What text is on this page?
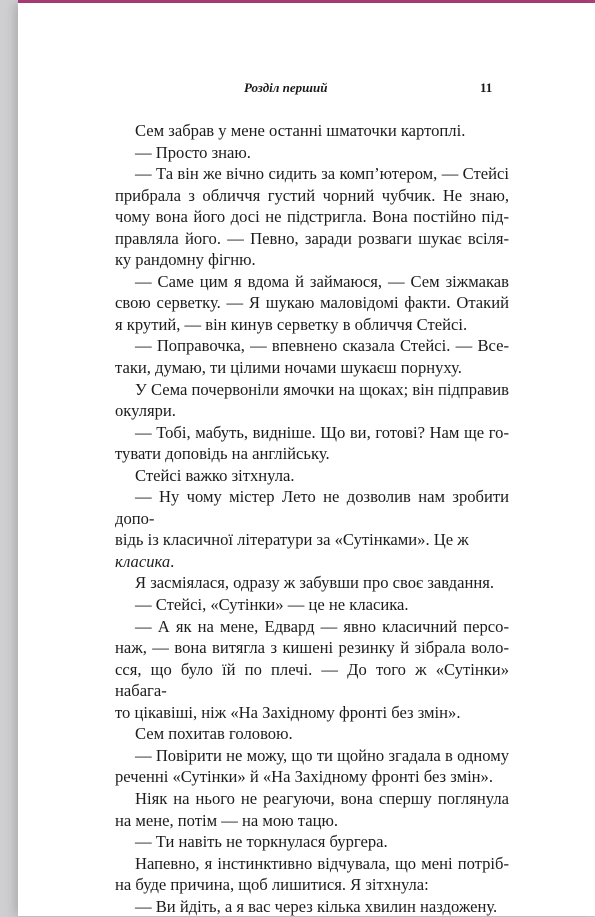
Розділ перший	11

Сем забрав у мене останні шматочки картоплі.

— Просто знаю.

— Та він же вічно сидить за комп’ютером, — Стейсі
прибрала з обличчя густий чорний чубчик. Не знаю,
чому вона його досі не підстригла. Вона постійно під-
правляла його. — Певно, заради розваги шукає всіля-
ку рандомну фігню.

— Саме цим я вдома й займаюся, — Сем зіжмакав
свою серветку. — Я шукаю маловідомі факти. Отакий
я крутий, — він кинув серветку в обличчя Стейсі.

— Поправочка, — впевнено сказала Стейсі. — Все-
таки, думаю, ти цілими ночами шукаєш порнуху.

У Сема почервоніли ямочки на щоках; він підправив
окуляри.

— Тобі, мабуть, видніше. Що ви, готові? Нам ще го-
тувати доповідь на англійську.

Стейсі важко зітхнула.

— Ну чому містер Лето не дозволив нам зробити допо-
відь із класичної літератури за «Сутінками». Це ж класика.

Я засміялася, одразу ж забувши про своє завдання.

— Стейсі, «Сутінки» — це не класика.

— А як на мене, Едвард — явно класичний персо-
наж, — вона витягла з кишені резинку й зібрала воло-
сся, що було їй по плечі. — До того ж «Сутінки» набага-
то цікавіші, ніж «На Західному фронті без змін».

Сем похитав головою.

— Повірити не можу, що ти щойно згадала в одному
реченні «Сутінки» й «На Західному фронті без змін».

Ніяк на нього не реагуючи, вона спершу поглянула
на мене, потім — на мою тацю.

— Ти навіть не торкнулася бургера.

Напевно, я інстинктивно відчувала, що мені потріб-
на буде причина, щоб лишитися. Я зітхнула:

— Ви йдіть, а я вас через кілька хвилин наздожену.
